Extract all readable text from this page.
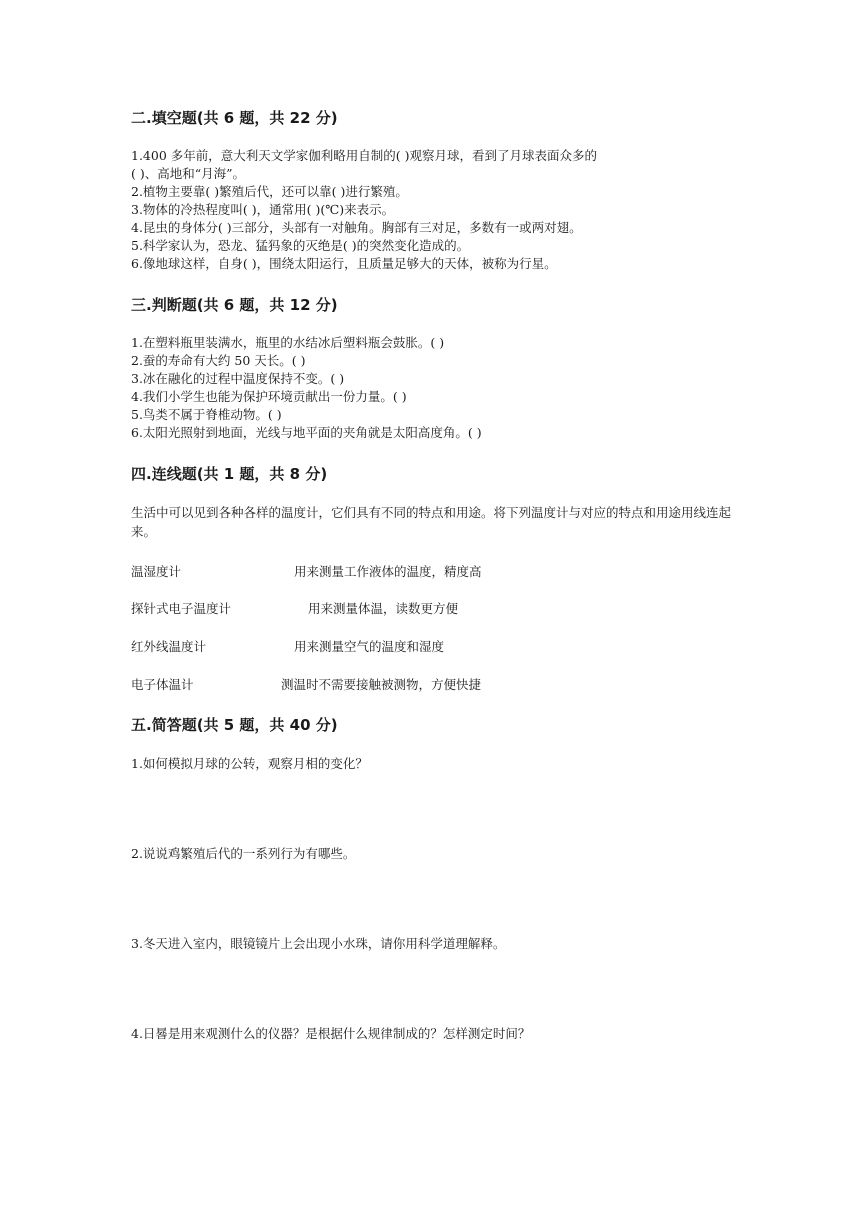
二.填空题(共 6 题，共 22 分)
1.400 多年前，意大利天文学家伽利略用自制的( )观察月球，看到了月球表面众多的
( )、高地和“月海”。
2.植物主要靠( )繁殖后代，还可以靠( )进行繁殖。
3.物体的冷热程度叫( )，通常用( )(℃)来表示。
4.昆虫的身体分( )三部分，头部有一对触角。胸部有三对足，多数有一或两对翅。
5.科学家认为，恐龙、猛犸象的灭绝是( )的突然变化造成的。
6.像地球这样，自身( )，围绕太阳运行，且质量足够大的天体，被称为行星。
三.判断题(共 6 题，共 12 分)
1.在塑料瓶里装满水，瓶里的水结冰后塑料瓶会鼓胀。( )
2.蚕的寿命有大约 50 天长。( )
3.冰在融化的过程中温度保持不变。( )
4.我们小学生也能为保护环境贡献出一份力量。( )
5.鸟类不属于脊椎动物。( )
6.太阳光照射到地面，光线与地平面的夹角就是太阳高度角。( )
四.连线题(共 1 题，共 8 分)
生活中可以见到各种各样的温度计，它们具有不同的特点和用途。将下列温度计与对应的特点和用途用线连起来。
温湿度计	用来测量工作液体的温度，精度高
探针式电子温度计	用来测量体温，读数更方便
红外线温度计	用来测量空气的温度和湿度
电子体温计	测温时不需要接触被测物，方便快捷
五.简答题(共 5 题，共 40 分)
1.如何模拟月球的公转，观察月相的变化？
2.说说鸡繁殖后代的一系列行为有哪些。
3.冬天进入室内，眼镜镜片上会出现小水珠，请你用科学道理解释。
4.日晷是用来观测什么的仪器？是根据什么规律制成的？怎样测定时间？
